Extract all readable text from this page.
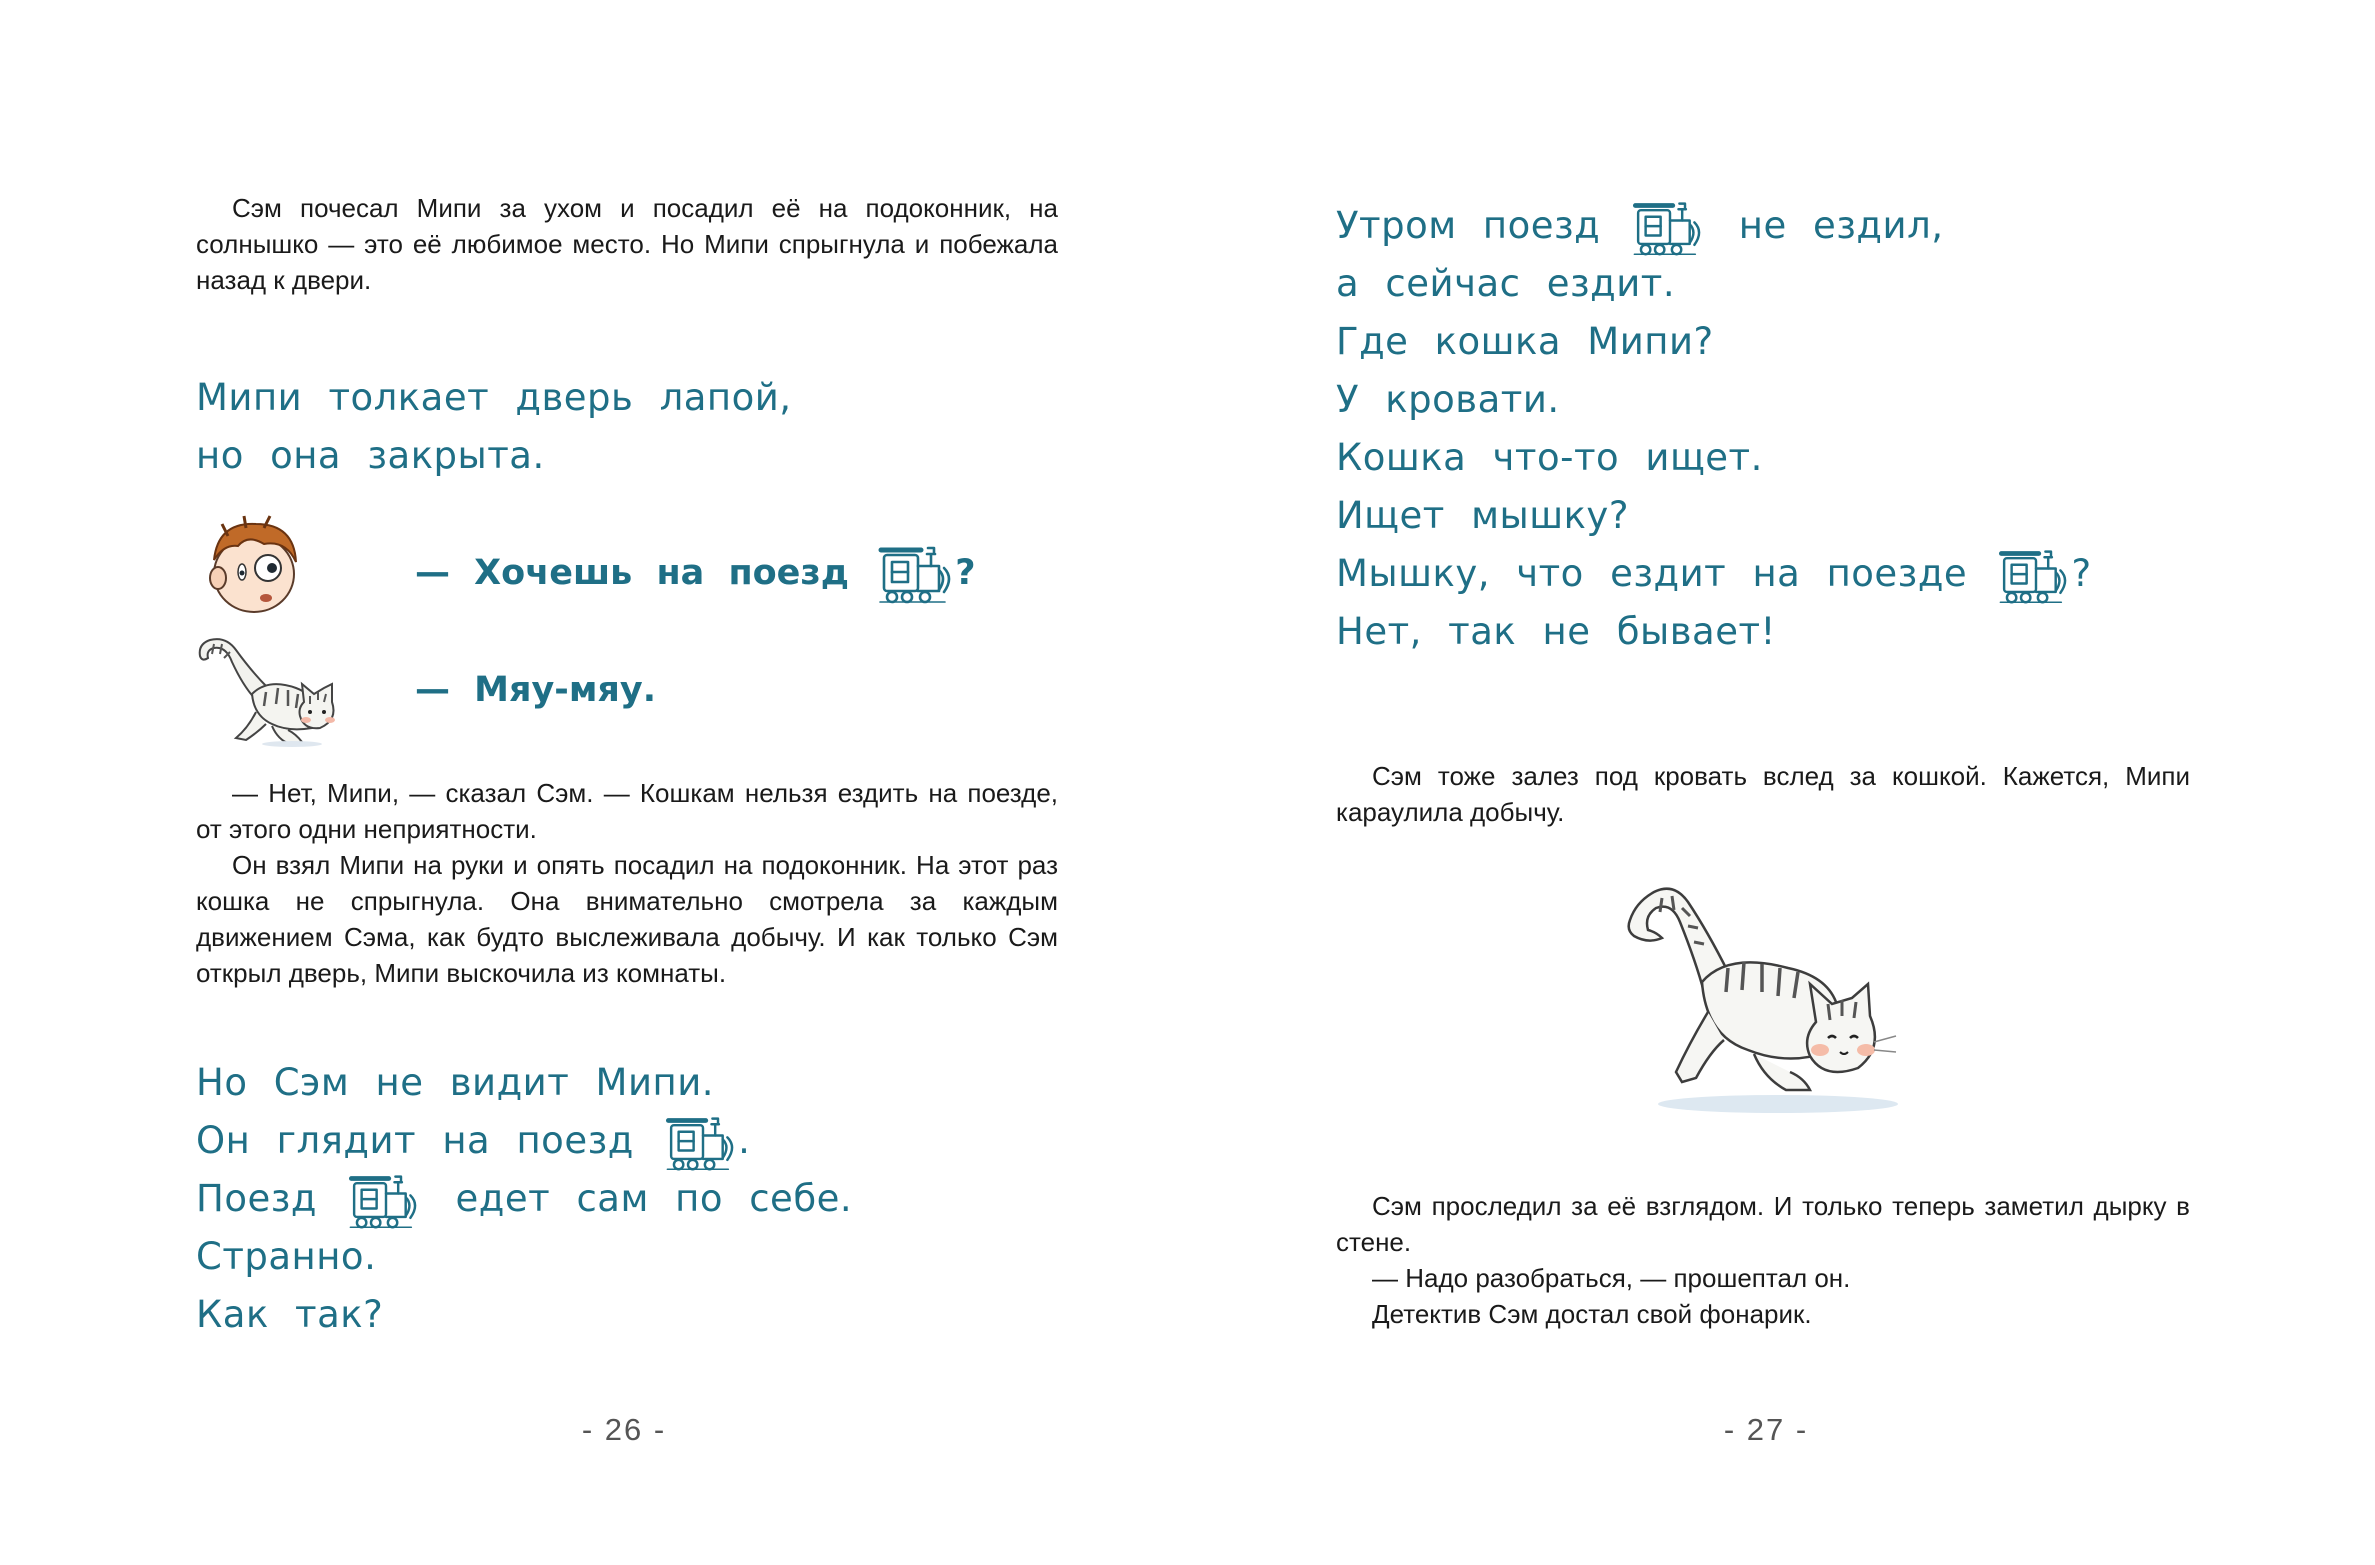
Сэм почесал Мипи за ухом и посадил её на подоконник, на солнышко — это её любимое место. Но Мипи спрыгнула и побежала назад к двери.

Мипи толкает дверь лапой,
но она закрыта.
— Хочешь на поезд	?
— Мяу-мяу.

— Нет, Мипи, — сказал Сэм. — Кошкам нельзя ездить на поезде, от этого одни неприятности.

Он взял Мипи на руки и опять посадил на подоконник. На этот раз кошка не спрыгнула. Она внимательно смотрела за каждым движением Сэма, как будто выслеживала добычу. И как только Сэм открыл дверь, Мипи выскочила из комнаты.

Но Сэм не видит Мипи.
Он глядит на поезд	.
Поезд	едет сам по себе.
Странно.
Как так?
- 26 -
Утром поезд	не ездил,
а сейчас ездит.
Где кошка Мипи?
У кровати.
Кошка что-то ищет.
Ищет мышку?
Мышку, что ездит на поезде	?
Нет, так не бывает!

Сэм тоже залез под кровать вслед за кошкой. Кажется, Мипи караулила добычу.

Сэм проследил за её взглядом. И только теперь заметил дырку в стене.

— Надо разобраться, — прошептал он.

Детектив Сэм достал свой фонарик.

- 27 -
